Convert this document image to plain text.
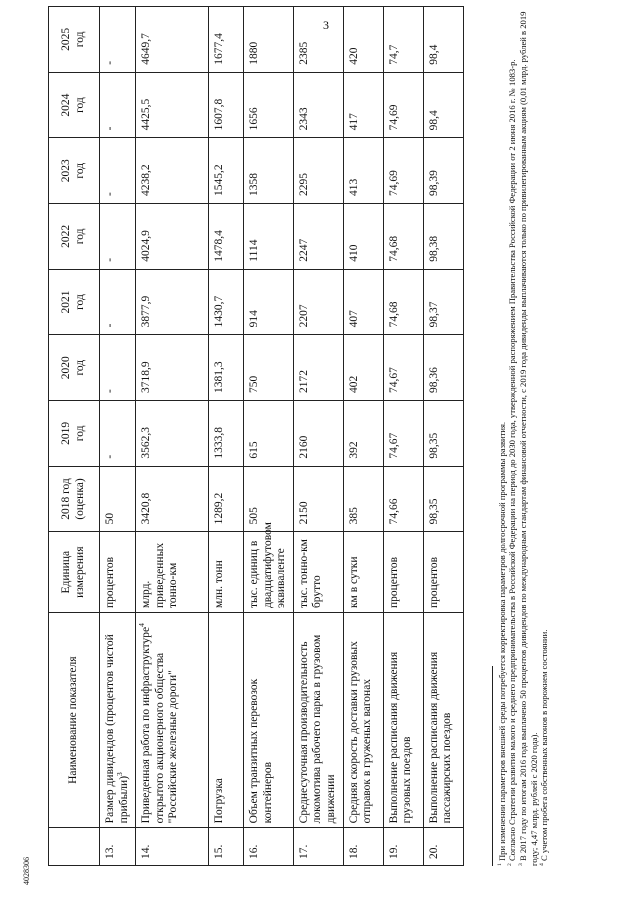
3
4028306
	Наименование показателя	Единица измерения	2018 год (оценка)	2019 год	2020 год	2021 год	2022 год	2023 год	2024 год	2025 год
13.	Размер дивидендов (процентов чистой прибыли)$^3$	процентов	50	-	-	-	-	-	-	-
14.	Приведенная работа по инфраструктуре$^4$ открытого акционерного общества "Российские железные дороги"	млрд. приведенных тонно-км	3420,8	3562,3	3718,9	3877,9	4024,9	4238,2	4425,5	4649,7
15.	Погрузка	млн. тонн	1289,2	1333,8	1381,3	1430,7	1478,4	1545,2	1607,8	1677,4
16.	Объем транзитных перевозок контейнеров	тыс. единиц в двадцатифутовом эквиваленте	505	615	750	914	1114	1358	1656	1880
17.	Среднесуточная производительность локомотива рабочего парка в грузовом движении	тыс. тонно-км брутто	2150	2160	2172	2207	2247	2295	2343	2385
18.	Средняя скорость доставки грузовых отправок в груженых вагонах	км в сутки	385	392	402	407	410	413	417	420
19.	Выполнение расписания движения грузовых поездов	процентов	74,66	74,67	74,67	74,68	74,68	74,69	74,69	74,7
20.	Выполнение расписания движения пассажирских поездов	процентов	98,35	98,35	98,36	98,37	98,38	98,39	98,4	98,4

$^1$ При изменении параметров внешней среды потребуется корректировка параметров долгосрочной программы развития.

$^2$ Согласно Стратегии развития малого и среднего предпринимательства в Российской Федерации на период до 2030 года, утвержденной распоряжением Правительства Российской Федерации от 2 июня 2016 г. № 1083-р.

$^3$ В 2017 году по итогам 2016 года выплачено 50 процентов дивидендов по международным стандартам финансовой отчетности, с 2019 года дивиденды выплачиваются только по привилегированным акциям (0,01 млрд. рублей в 2019 году; 4,47 млрд. рублей с 2020 года). $^4$ С учетом пробега собственных вагонов в порожнем состоянии.
